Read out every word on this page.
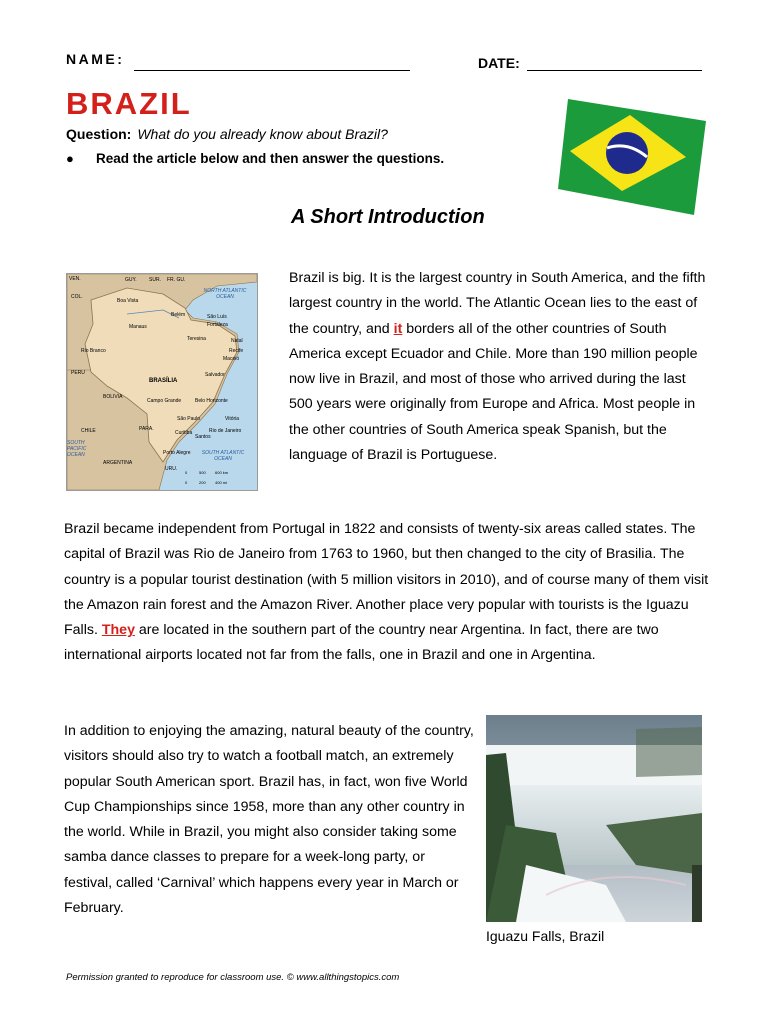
NAME:	DATE:
BRAZIL
Question: What do you already know about Brazil?
● Read the article below and then answer the questions.
A Short Introduction
VEN.	GUY. SUR. FR. GU.
COL.
Boa Vista
Belém	São Luís
Fortaleza
Manaus
Teresina	Natal
Recife
Maceió
Rio Branco
Salvador
PERU
BRASÍLIA
BOLIVIA
Campo Grande	Belo Horizonte
Vitória
São Paulo
Rio de Janeiro
Curitiba
Santos
CHILE	PARA.
ARGENTINA
Porto Alegre
URU.
NORTH ATLANTIC OCEAN
SOUTH ATLANTIC OCEAN
SOUTH PACIFIC OCEAN
0	500 600 km
0	200 400 mi

Brazil is big. It is the largest country in South America, and the fifth largest country in the world. The Atlantic Ocean lies to the east of the country, and it borders all of the other countries of South America except Ecuador and Chile. More than 190 million people now live in Brazil, and most of those who arrived during the last 500 years were originally from Europe and Africa. Most people in the other countries of South America speak Spanish, but the language of Brazil is Portuguese.

Brazil became independent from Portugal in 1822 and consists of twenty-six areas called states. The capital of Brazil was Rio de Janeiro from 1763 to 1960, but then changed to the city of Brasilia. The country is a popular tourist destination (with 5 million visitors in 2010), and of course many of them visit the Amazon rain forest and the Amazon River. Another place very popular with tourists is the Iguazu Falls. They are located in the southern part of the country near Argentina. In fact, there are two international airports located not far from the falls, one in Brazil and one in Argentina.

In addition to enjoying the amazing, natural beauty of the country, visitors should also try to watch a football match, an extremely popular South American sport. Brazil has, in fact, won five World Cup Championships since 1958, more than any other country in the world. While in Brazil, you might also consider taking some samba dance classes to prepare for a week-long party, or festival, called ‘Carnival’ which happens every year in March or February.

Iguazu Falls, Brazil
Permission granted to reproduce for classroom use. © www.allthingstopics.com
